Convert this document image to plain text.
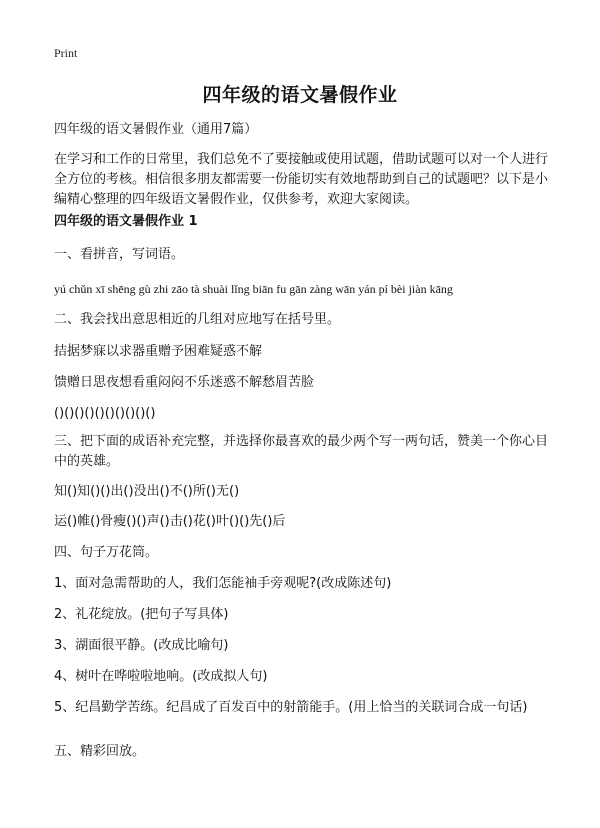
Print
四年级的语文暑假作业

四年级的语文暑假作业（通用7篇）

在学习和工作的日常里，我们总免不了要接触或使用试题，借助试题可以对一个人进行全方位的考核。相信很多朋友都需要一份能切实有效地帮助到自己的试题吧？以下是小编精心整理的四年级语文暑假作业，仅供参考，欢迎大家阅读。

四年级的语文暑假作业 1

一、看拼音，写词语。

yú chǔn xī shēng gù zhi zāo tà shuài lǐng biān fu gān zàng wān yán pí bèi jiàn kāng

二、我会找出意思相近的几组对应地写在括号里。

拮据梦寐以求器重赠予困难疑惑不解

馈赠日思夜想看重闷闷不乐迷惑不解愁眉苦脸

()()()()()()()()()()

三、把下面的成语补充完整，并选择你最喜欢的最少两个写一两句话，赞美一个你心目中的英雄。

知()知()()出()没出()不()所()无()

运()帷()骨瘦()()声()击()花()叶()()先()后

四、句子万花筒。

1、面对急需帮助的人，我们怎能袖手旁观呢?(改成陈述句)

2、礼花绽放。(把句子写具体)

3、湖面很平静。(改成比喻句)

4、树叶在哗啦啦地响。(改成拟人句)

5、纪昌勤学苦练。纪昌成了百发百中的射箭能手。(用上恰当的关联词合成一句话)

五、精彩回放。
